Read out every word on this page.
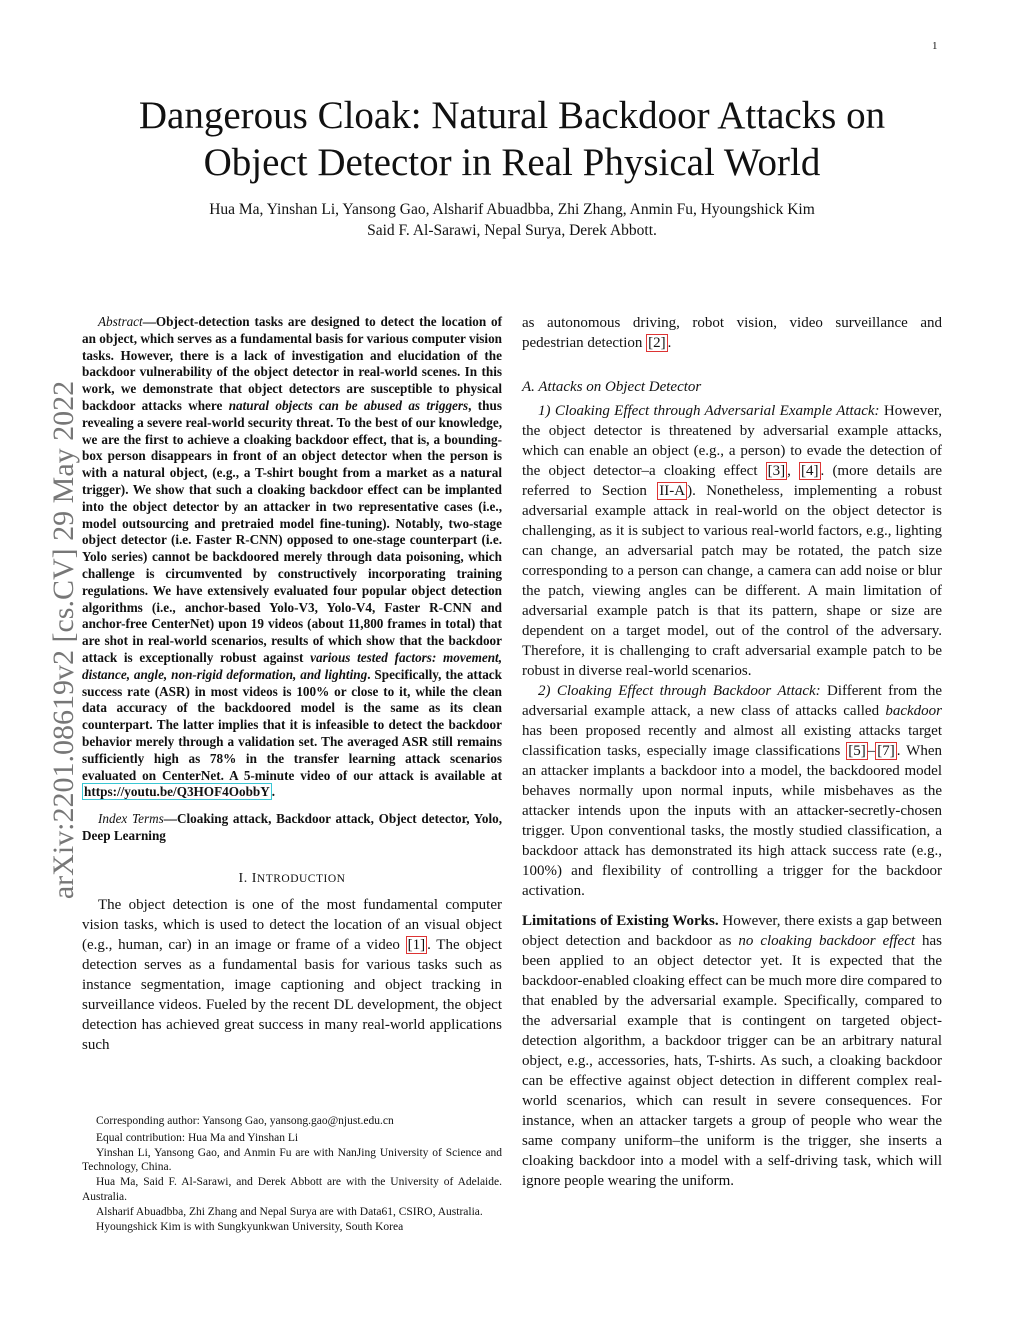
1
arXiv:2201.08619v2 [cs.CV] 29 May 2022
Dangerous Cloak: Natural Backdoor Attacks on
Object Detector in Real Physical World
Hua Ma, Yinshan Li, Yansong Gao, Alsharif Abuadbba, Zhi Zhang, Anmin Fu, Hyoungshick Kim
Said F. Al-Sarawi, Nepal Surya, Derek Abbott.

Abstract—Object-detection tasks are designed to detect the location of an object, which serves as a fundamental basis for various computer vision tasks. However, there is a lack of investigation and elucidation of the backdoor vulnerability of the object detector in real-world scenes. In this work, we demonstrate that object detectors are susceptible to physical backdoor attacks where natural objects can be abused as triggers, thus revealing a severe real-world security threat. To the best of our knowledge, we are the first to achieve a cloaking backdoor effect, that is, a bounding-box person disappears in front of an object detector when the person is with a natural object, (e.g., a T-shirt bought from a market as a natural trigger). We show that such a cloaking backdoor effect can be implanted into the object detector by an attacker in two representative cases (i.e., model outsourcing and pretraied model fine-tuning). Notably, two-stage object detector (i.e. Faster R-CNN) opposed to one-stage counterpart (i.e. Yolo series) cannot be backdoored merely through data poisoning, which challenge is circumvented by constructively incorporating training regulations. We have extensively evaluated four popular object detection algorithms (i.e., anchor-based Yolo-V3, Yolo-V4, Faster R-CNN and anchor-free CenterNet) upon 19 videos (about 11,800 frames in total) that are shot in real-world scenarios, results of which show that the backdoor attack is exceptionally robust against various tested factors: movement, distance, angle, non-rigid deformation, and lighting. Specifically, the attack success rate (ASR) in most videos is 100% or close to it, while the clean data accuracy of the backdoored model is the same as its clean counterpart. The latter implies that it is infeasible to detect the backdoor behavior merely through a validation set. The averaged ASR still remains sufficiently high as 78% in the transfer learning attack scenarios evaluated on CenterNet. A 5-minute video of our attack is available at https://youtu.be/Q3HOF4OobbY .

Index Terms—Cloaking attack, Backdoor attack, Object detector, Yolo, Deep Learning

I. INTRODUCTION

The object detection is one of the most fundamental computer vision tasks, which is used to detect the location of an visual object (e.g., human, car) in an image or frame of a video [1] . The object detection serves as a fundamental basis for various tasks such as instance segmentation, image captioning and object tracking in surveillance videos. Fueled by the recent DL development, the object detection has achieved great success in many real-world applications such

Corresponding author: Yansong Gao, yansong.gao@njust.edu.cn

Equal contribution: Hua Ma and Yinshan Li

Yinshan Li, Yansong Gao, and Anmin Fu are with NanJing University of Science and Technology, China.

Hua Ma, Said F. Al-Sarawi, and Derek Abbott are with the University of Adelaide. Australia.

Alsharif Abuadbba, Zhi Zhang and Nepal Surya are with Data61, CSIRO, Australia.

Hyoungshick Kim is with Sungkyunkwan University, South Korea

as autonomous driving, robot vision, video surveillance and pedestrian detection [2] .

A. Attacks on Object Detector

1) Cloaking Effect through Adversarial Example Attack: However, the object detector is threatened by adversarial example attacks, which can enable an object (e.g., a person) to evade the detection of the object detector–a cloaking effect [3] , [4] . (more details are referred to Section II-A ). Nonetheless, implementing a robust adversarial example attack in real-world on the object detector is challenging, as it is subject to various real-world factors, e.g., lighting can change, an adversarial patch may be rotated, the patch size corresponding to a person can change, a camera can add noise or blur the patch, viewing angles can be different. A main limitation of adversarial example patch is that its pattern, shape or size are dependent on a target model, out of the control of the adversary. Therefore, it is challenging to craft adversarial example patch to be robust in diverse real-world scenarios.

2) Cloaking Effect through Backdoor Attack: Different from the adversarial example attack, a new class of attacks called backdoor has been proposed recently and almost all existing attacks target classification tasks, especially image classifications [5] – [7] . When an attacker implants a backdoor into a model, the backdoored model behaves normally upon normal inputs, while misbehaves as the attacker intends upon the inputs with an attacker-secretly-chosen trigger. Upon conventional tasks, the mostly studied classification, a backdoor attack has demonstrated its high attack success rate (e.g., 100%) and flexibility of controlling a trigger for the backdoor activation.

Limitations of Existing Works. However, there exists a gap between object detection and backdoor as no cloaking backdoor effect has been applied to an object detector yet. It is expected that the backdoor-enabled cloaking effect can be much more dire compared to that enabled by the adversarial example. Specifically, compared to the adversarial example that is contingent on targeted object-detection algorithm, a backdoor trigger can be an arbitrary natural object, e.g., accessories, hats, T-shirts. As such, a cloaking backdoor can be effective against object detection in different complex real-world scenarios, which can result in severe consequences. For instance, when an attacker targets a group of people who wear the same company uniform–the uniform is the trigger, she inserts a cloaking backdoor into a model with a self-driving task, which will ignore people wearing the uniform.
